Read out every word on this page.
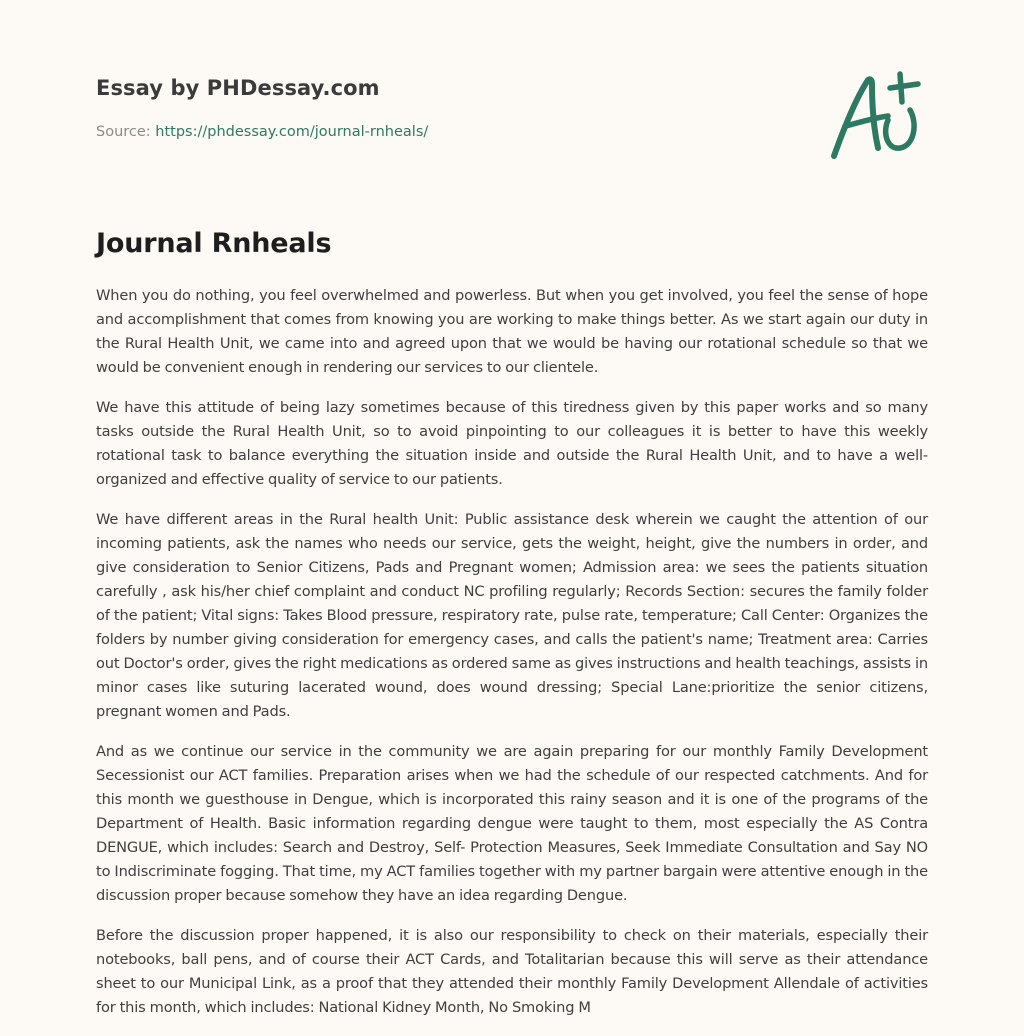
Essay by PHDessay.com
Source: https://phdessay.com/journal-rnheals/
Journal Rnheals

When you do nothing, you feel overwhelmed and powerless. But when you get involved, you feel the sense of hope and accomplishment that comes from knowing you are working to make things better. As we start again our duty in the Rural Health Unit, we came into and agreed upon that we would be having our rotational schedule so that we would be convenient enough in rendering our services to our clientele.

We have this attitude of being lazy sometimes because of this tiredness given by this paper works and so many tasks outside the Rural Health Unit, so to avoid pinpointing to our colleagues it is better to have this weekly rotational task to balance everything the situation inside and outside the Rural Health Unit, and to have a well-organized and effective quality of service to our patients.

We have different areas in the Rural health Unit: Public assistance desk wherein we caught the attention of our incoming patients, ask the names who needs our service, gets the weight, height, give the numbers in order, and give consideration to Senior Citizens, Pads and Pregnant women; Admission area: we sees the patients situation carefully , ask his/her chief complaint and conduct NC profiling regularly; Records Section: secures the family folder of the patient; Vital signs: Takes Blood pressure, respiratory rate, pulse rate, temperature; Call Center: Organizes the folders by number giving consideration for emergency cases, and calls the patient's name; Treatment area: Carries out Doctor's order, gives the right medications as ordered same as gives instructions and health teachings, assists in minor cases like suturing lacerated wound, does wound dressing; Special Lane:prioritize the senior citizens, pregnant women and Pads.

And as we continue our service in the community we are again preparing for our monthly Family Development Secessionist our ACT families. Preparation arises when we had the schedule of our respected catchments. And for this month we guesthouse in Dengue, which is incorporated this rainy season and it is one of the programs of the Department of Health. Basic information regarding dengue were taught to them, most especially the AS Contra DENGUE, which includes: Search and Destroy, Self- Protection Measures, Seek Immediate Consultation and Say NO to Indiscriminate fogging. That time, my ACT families together with my partner bargain were attentive enough in the discussion proper because somehow they have an idea regarding Dengue.

Before the discussion proper happened, it is also our responsibility to check on their materials, especially their notebooks, ball pens, and of course their ACT Cards, and Totalitarian because this will serve as their attendance sheet to our Municipal Link, as a proof that they attended their monthly Family Development Allendale of activities for this month, which includes: National Kidney Month, No Smoking M
